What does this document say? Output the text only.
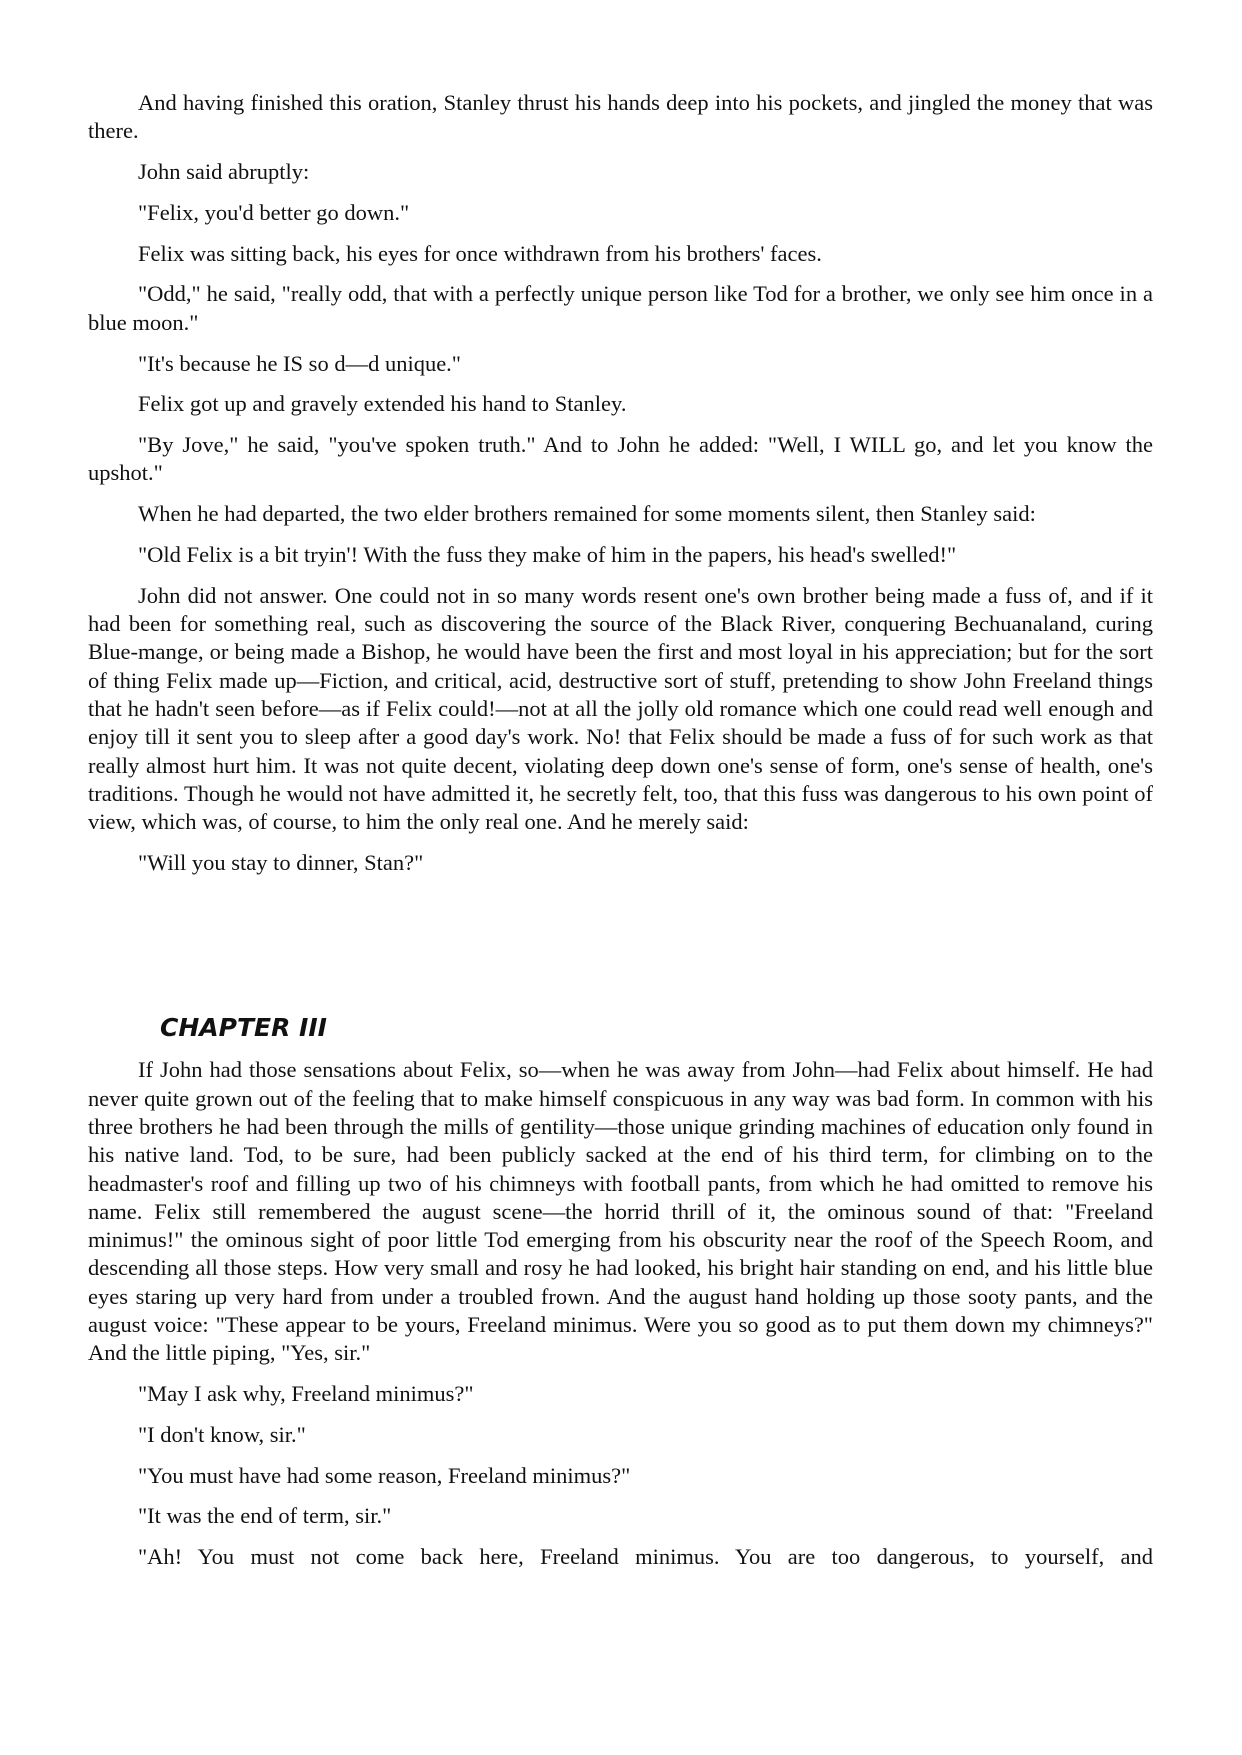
And having finished this oration, Stanley thrust his hands deep into his pockets, and jingled the money that was there.

John said abruptly:

"Felix, you'd better go down."

Felix was sitting back, his eyes for once withdrawn from his brothers' faces.

"Odd," he said, "really odd, that with a perfectly unique person like Tod for a brother, we only see him once in a blue moon."

"It's because he IS so d—d unique."

Felix got up and gravely extended his hand to Stanley.

"By Jove," he said, "you've spoken truth." And to John he added: "Well, I WILL go, and let you know the upshot."

When he had departed, the two elder brothers remained for some moments silent, then Stanley said:

"Old Felix is a bit tryin'! With the fuss they make of him in the papers, his head's swelled!"

John did not answer. One could not in so many words resent one's own brother being made a fuss of, and if it had been for something real, such as discovering the source of the Black River, conquering Bechuanaland, curing Blue-mange, or being made a Bishop, he would have been the first and most loyal in his appreciation; but for the sort of thing Felix made up—Fiction, and critical, acid, destructive sort of stuff, pretending to show John Freeland things that he hadn't seen before—as if Felix could!—not at all the jolly old romance which one could read well enough and enjoy till it sent you to sleep after a good day's work. No! that Felix should be made a fuss of for such work as that really almost hurt him. It was not quite decent, violating deep down one's sense of form, one's sense of health, one's traditions. Though he would not have admitted it, he secretly felt, too, that this fuss was dangerous to his own point of view, which was, of course, to him the only real one. And he merely said:

"Will you stay to dinner, Stan?"

CHAPTER III

If John had those sensations about Felix, so—when he was away from John—had Felix about himself. He had never quite grown out of the feeling that to make himself conspicuous in any way was bad form. In common with his three brothers he had been through the mills of gentility—those unique grinding machines of education only found in his native land. Tod, to be sure, had been publicly sacked at the end of his third term, for climbing on to the headmaster's roof and filling up two of his chimneys with football pants, from which he had omitted to remove his name. Felix still remembered the august scene—the horrid thrill of it, the ominous sound of that: "Freeland minimus!" the ominous sight of poor little Tod emerging from his obscurity near the roof of the Speech Room, and descending all those steps. How very small and rosy he had looked, his bright hair standing on end, and his little blue eyes staring up very hard from under a troubled frown. And the august hand holding up those sooty pants, and the august voice: "These appear to be yours, Freeland minimus. Were you so good as to put them down my chimneys?" And the little piping, "Yes, sir."

"May I ask why, Freeland minimus?"

"I don't know, sir."

"You must have had some reason, Freeland minimus?"

"It was the end of term, sir."

"Ah! You must not come back here, Freeland minimus. You are too dangerous, to yourself, and
